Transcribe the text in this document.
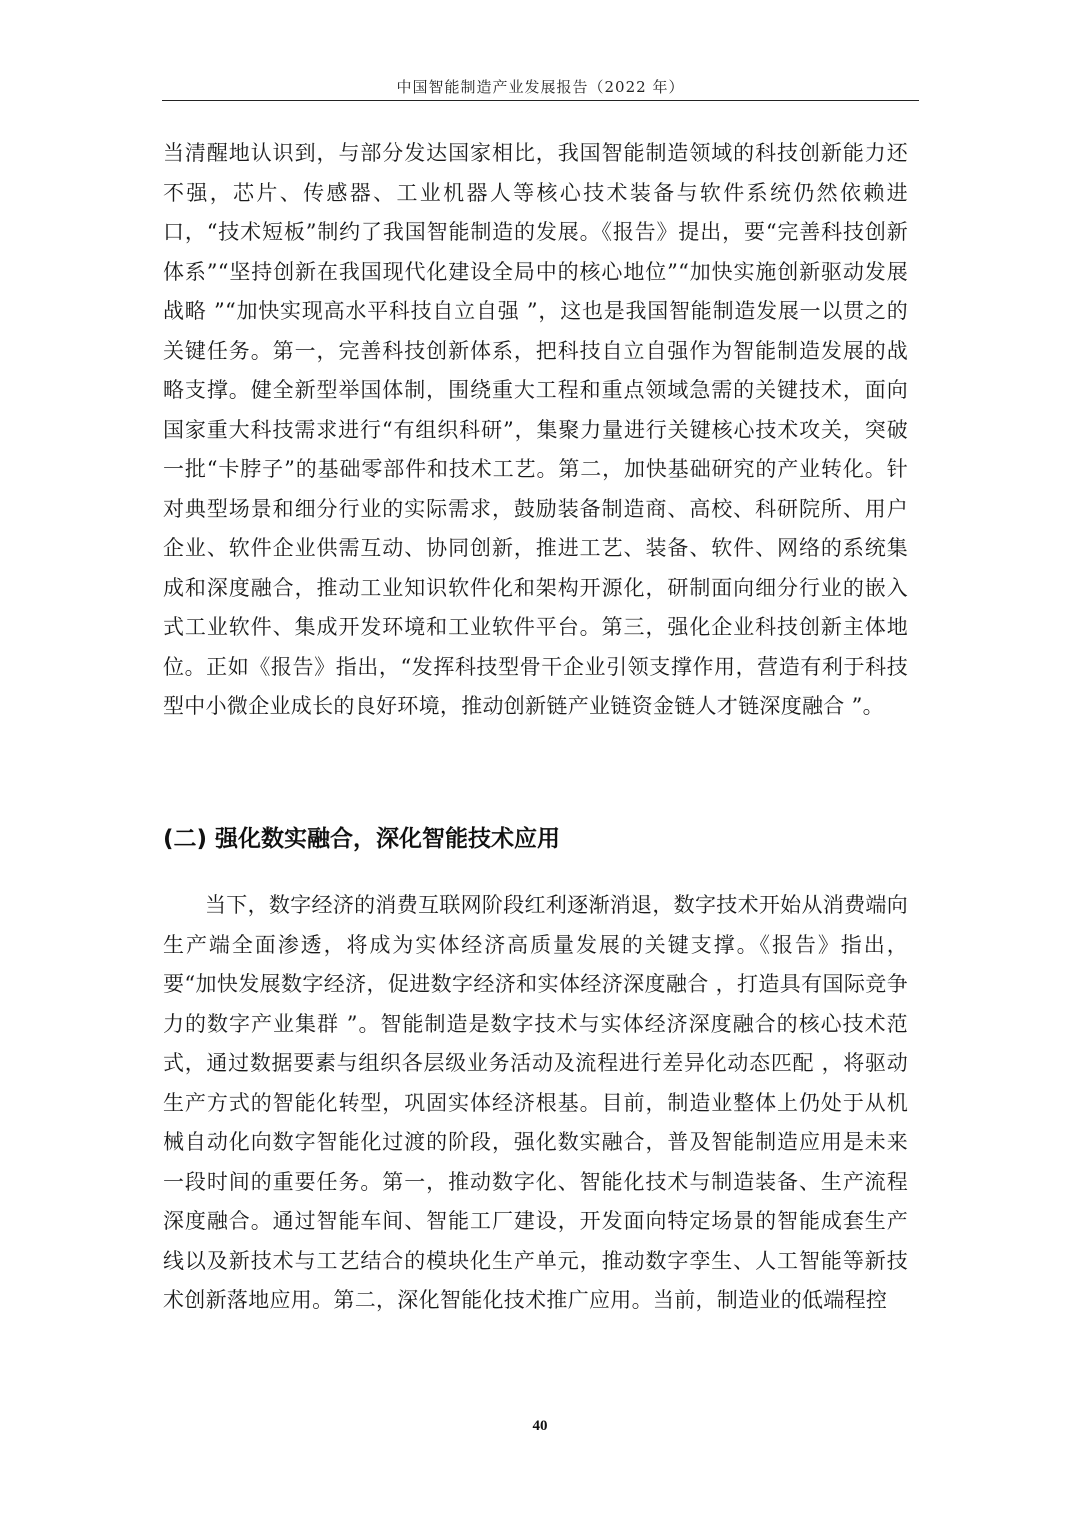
中国智能制造产业发展报告（2022 年）

当清醒地认识到，与部分发达国家相比，我国智能制造领域的科技创新能力还不强，芯片、传感器、工业机器人等核心技术装备与软件系统仍然依赖进口，“技术短板”制约了我国智能制造的发展。《报告》提出，要“完善科技创新体系”“坚持创新在我国现代化建设全局中的核心地位”“加快实施创新驱动发展战略 ”“加快实现高水平科技自立自强 ”，这也是我国智能制造发展一以贯之的关键任务。第一，完善科技创新体系，把科技自立自强作为智能制造发展的战略支撑。健全新型举国体制，围绕重大工程和重点领域急需的关键技术，面向国家重大科技需求进行“有组织科研”，集聚力量进行关键核心技术攻关，突破一批“卡脖子”的基础零部件和技术工艺。第二，加快基础研究的产业转化。针对典型场景和细分行业的实际需求，鼓励装备制造商、高校、科研院所、用户企业、软件企业供需互动、协同创新，推进工艺、装备、软件、网络的系统集成和深度融合，推动工业知识软件化和架构开源化，研制面向细分行业的嵌入式工业软件、集成开发环境和工业软件平台。第三，强化企业科技创新主体地位。正如《报告》指出，“发挥科技型骨干企业引领支撑作用，营造有利于科技型中小微企业成长的良好环境，推动创新链产业链资金链人才链深度融合 ”。

(二) 强化数实融合，深化智能技术应用

当下，数字经济的消费互联网阶段红利逐渐消退，数字技术开始从消费端向生产端全面渗透，将成为实体经济高质量发展的关键支撑。《报告》指出，要“加快发展数字经济，促进数字经济和实体经济深度融合 ，打造具有国际竞争力的数字产业集群 ”。智能制造是数字技术与实体经济深度融合的核心技术范式，通过数据要素与组织各层级业务活动及流程进行差异化动态匹配 ，将驱动生产方式的智能化转型，巩固实体经济根基。目前，制造业整体上仍处于从机械自动化向数字智能化过渡的阶段，强化数实融合，普及智能制造应用是未来一段时间的重要任务。第一，推动数字化、智能化技术与制造装备、生产流程深度融合。通过智能车间、智能工厂建设，开发面向特定场景的智能成套生产线以及新技术与工艺结合的模块化生产单元，推动数字孪生、人工智能等新技术创新落地应用。第二，深化智能化技术推广应用。当前，制造业的低端程控

40
